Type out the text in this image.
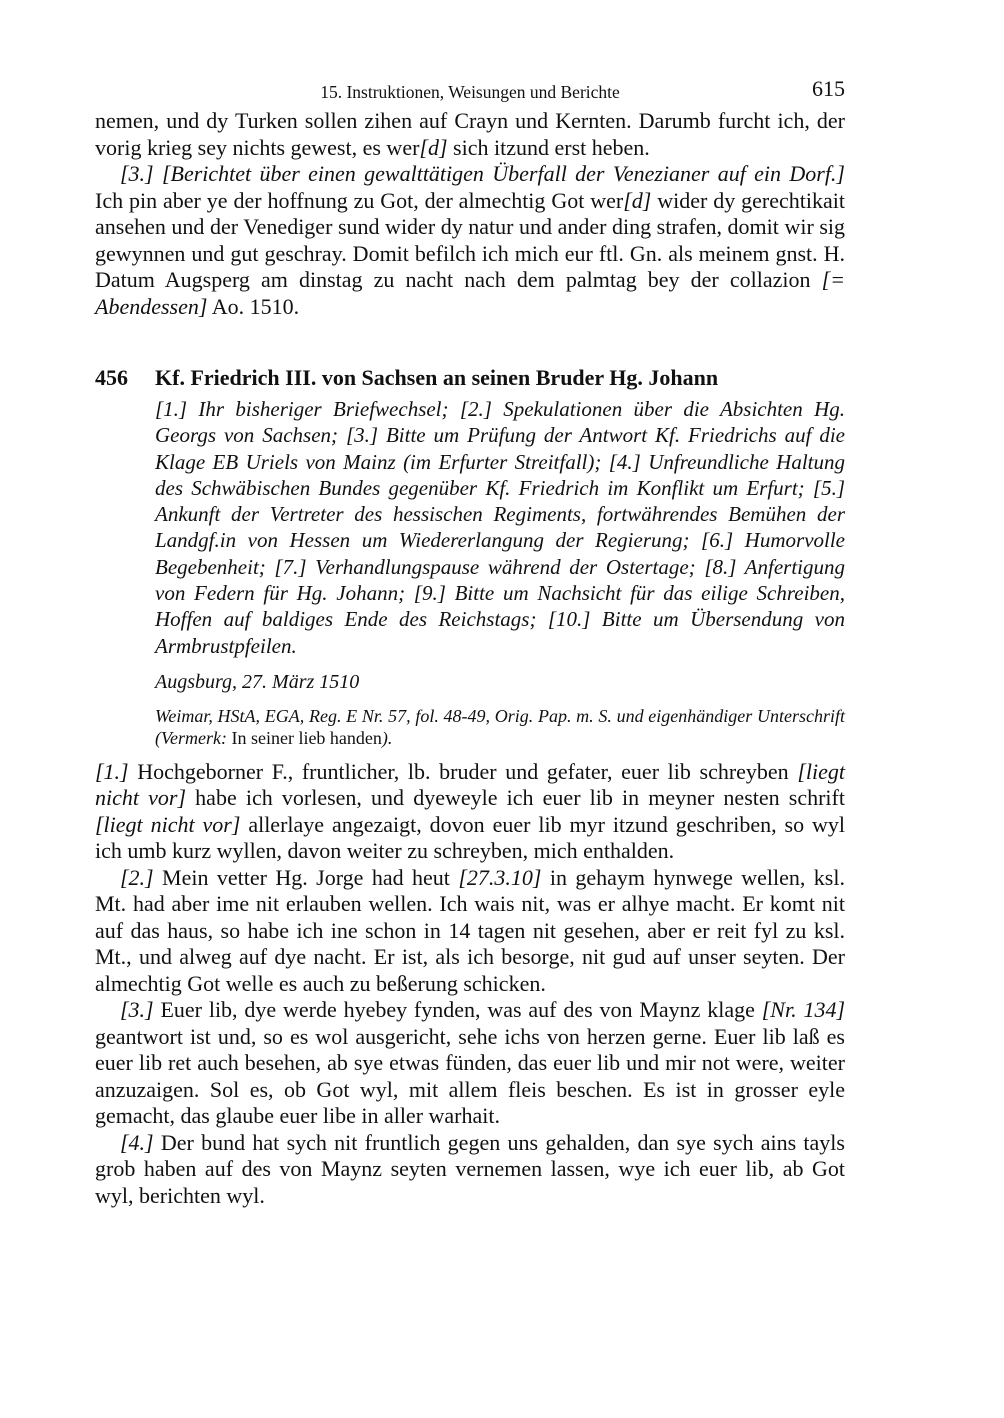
15. Instruktionen, Weisungen und Berichte	615

nemen, und dy Turken sollen zihen auf Crayn und Kernten. Darumb furcht ich, der vorig krieg sey nichts gewest, es wer[d] sich itzund erst heben.

[3.] [Berichtet über einen gewalttätigen Überfall der Venezianer auf ein Dorf.] Ich pin aber ye der hoffnung zu Got, der almechtig Got wer[d] wider dy gerechtikait ansehen und der Venediger sund wider dy natur und ander ding strafen, domit wir sig gewynnen und gut geschray. Domit befilch ich mich eur ftl. Gn. als meinem gnst. H. Datum Augsperg am dinstag zu nacht nach dem palmtag bey der collazion [= Abendessen] Ao. 1510.

456 Kf. Friedrich III. von Sachsen an seinen Bruder Hg. Johann
[1.] Ihr bisheriger Briefwechsel; [2.] Spekulationen über die Absichten Hg. Georgs von Sachsen; [3.] Bitte um Prüfung der Antwort Kf. Friedrichs auf die Klage EB Uriels von Mainz (im Erfurter Streitfall); [4.] Unfreundliche Haltung des Schwäbischen Bundes gegenüber Kf. Friedrich im Konflikt um Erfurt; [5.] Ankunft der Vertreter des hessischen Regiments, fortwährendes Bemühen der Landgf.in von Hessen um Wiedererlangung der Regierung; [6.] Humorvolle Begebenheit; [7.] Verhandlungspause während der Ostertage; [8.] Anfertigung von Federn für Hg. Johann; [9.] Bitte um Nachsicht für das eilige Schreiben, Hoffen auf baldiges Ende des Reichstags; [10.] Bitte um Übersendung von Armbrustpfeilen.
Augsburg, 27. März 1510
Weimar, HStA, EGA, Reg. E Nr. 57, fol. 48-49, Orig. Pap. m. S. und eigenhändiger Unterschrift (Vermerk: In seiner lieb handen).

[1.] Hochgeborner F., fruntlicher, lb. bruder und gefater, euer lib schreyben [liegt nicht vor] habe ich vorlesen, und dyeweyle ich euer lib in meyner nesten schrift [liegt nicht vor] allerlaye angezaigt, dovon euer lib myr itzund geschriben, so wyl ich umb kurz wyllen, davon weiter zu schreyben, mich enthalden.

[2.] Mein vetter Hg. Jorge had heut [27.3.10] in gehaym hynwege wellen, ksl. Mt. had aber ime nit erlauben wellen. Ich wais nit, was er alhye macht. Er komt nit auf das haus, so habe ich ine schon in 14 tagen nit gesehen, aber er reit fyl zu ksl. Mt., und alweg auf dye nacht. Er ist, als ich besorge, nit gud auf unser seyten. Der almechtig Got welle es auch zu beßerung schicken.

[3.] Euer lib, dye werde hyebey fynden, was auf des von Maynz klage [Nr. 134] geantwort ist und, so es wol ausgericht, sehe ichs von herzen gerne. Euer lib laß es euer lib ret auch besehen, ab sye etwas fünden, das euer lib und mir not were, weiter anzuzaigen. Sol es, ob Got wyl, mit allem fleis beschen. Es ist in grosser eyle gemacht, das glaube euer libe in aller warhait.

[4.] Der bund hat sych nit fruntlich gegen uns gehalden, dan sye sych ains tayls grob haben auf des von Maynz seyten vernemen lassen, wye ich euer lib, ab Got wyl, berichten wyl.
